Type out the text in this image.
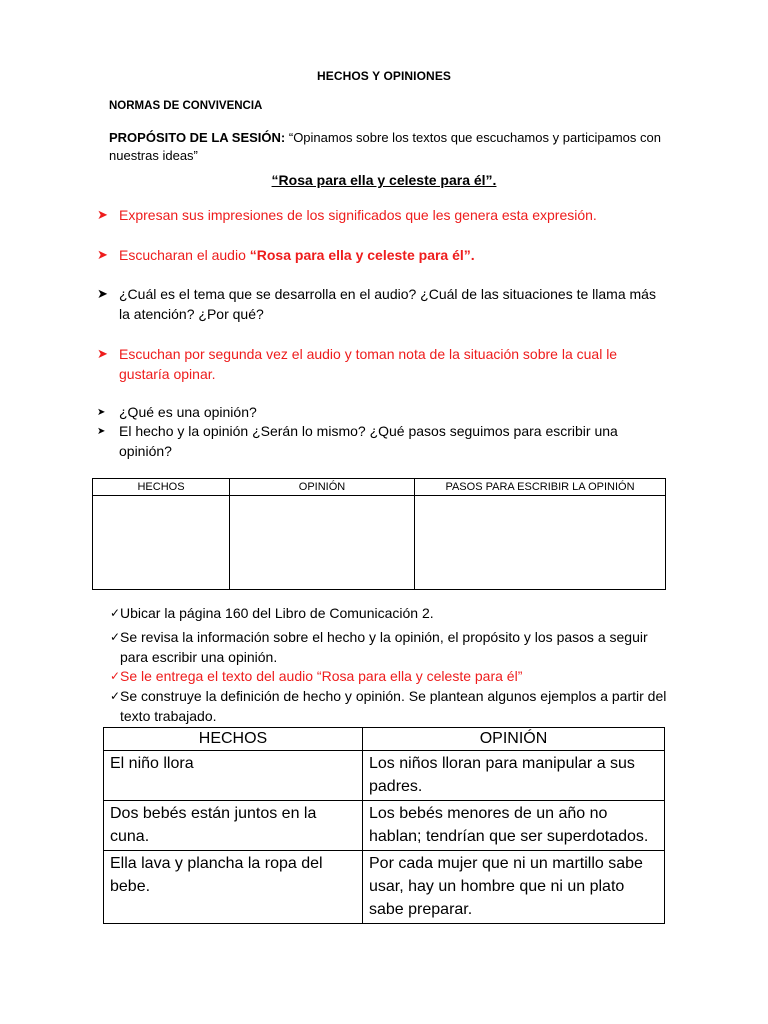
HECHOS Y OPINIONES
NORMAS DE CONVIVENCIA
PROPÓSITO DE LA SESIÓN: “Opinamos sobre los textos que escuchamos y participamos con nuestras ideas”
“Rosa para ella y celeste para él”.
➤ Expresan sus impresiones de los significados que les genera esta expresión.
➤ Escucharan el audio “Rosa para ella y celeste para él”.
➤ ¿Cuál es el tema que se desarrolla en el audio? ¿Cuál de las situaciones te llama más la atención? ¿Por qué?
➤ Escuchan por segunda vez el audio y toman nota de la situación sobre la cual le gustaría opinar.
➤ ¿Qué es una opinión?
➤ El hecho y la opinión ¿Serán lo mismo? ¿Qué pasos seguimos para escribir una opinión?
HECHOS	OPINIÓN	PASOS PARA ESCRIBIR LA OPINIÓN

✓ Ubicar la página 160 del Libro de Comunicación 2.
✓ Se revisa la información sobre el hecho y la opinión, el propósito y los pasos a seguir para escribir una opinión.
✓ Se le entrega el texto del audio “Rosa para ella y celeste para él”
✓ Se construye la definición de hecho y opinión. Se plantean algunos ejemplos a partir del texto trabajado.
HECHOS	OPINIÓN
El niño llora	Los niños lloran para manipular a sus padres.
Dos bebés están juntos en la cuna.	Los bebés menores de un año no hablan; tendrían que ser superdotados.
Ella lava y plancha la ropa del bebe.	Por cada mujer que ni un martillo sabe usar, hay un hombre que ni un plato sabe preparar.
